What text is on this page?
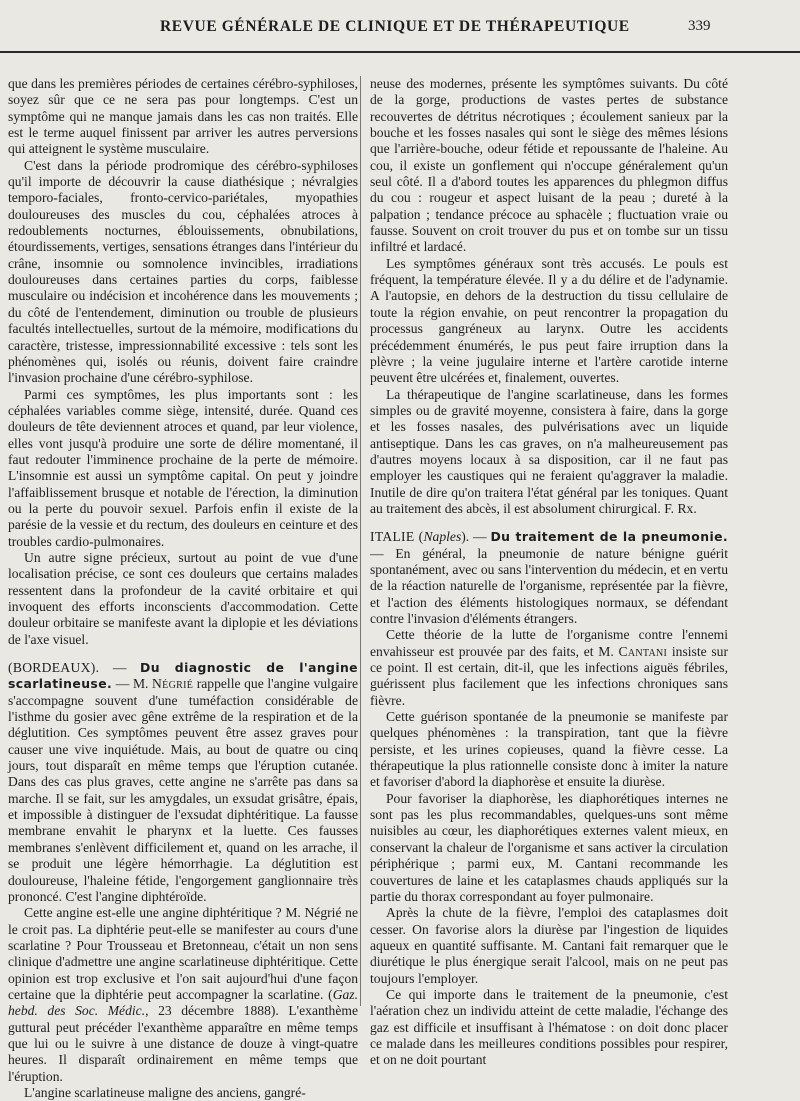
REVUE GÉNÉRALE DE CLINIQUE ET DE THÉRAPEUTIQUE	339

que dans les premières périodes de certaines cérébro-syphiloses, soyez sûr que ce ne sera pas pour longtemps. C'est un symptôme qui ne manque jamais dans les cas non traités. Elle est le terme auquel finissent par arriver les autres perversions qui atteignent le système musculaire.

C'est dans la période prodromique des cérébro-syphiloses qu'il importe de découvrir la cause diathésique ; névralgies temporo-faciales, fronto-cervico-pariétales, myopathies douloureuses des muscles du cou, céphalées atroces à redoublements nocturnes, éblouissements, obnubilations, étourdissements, vertiges, sensations étranges dans l'intérieur du crâne, insomnie ou somnolence invincibles, irradiations douloureuses dans certaines parties du corps, faiblesse musculaire ou indécision et incohérence dans les mouvements ; du côté de l'entendement, diminution ou trouble de plusieurs facultés intellectuelles, surtout de la mémoire, modifications du caractère, tristesse, impressionnabilité excessive : tels sont les phénomènes qui, isolés ou réunis, doivent faire craindre l'invasion prochaine d'une cérébro-syphilose.

Parmi ces symptômes, les plus importants sont : les céphalées variables comme siège, intensité, durée. Quand ces douleurs de tête deviennent atroces et quand, par leur violence, elles vont jusqu'à produire une sorte de délire momentané, il faut redouter l'imminence prochaine de la perte de mémoire. L'insomnie est aussi un symptôme capital. On peut y joindre l'affaiblissement brusque et notable de l'érection, la diminution ou la perte du pouvoir sexuel. Parfois enfin il existe de la parésie de la vessie et du rectum, des douleurs en ceinture et des troubles cardio-pulmonaires.

Un autre signe précieux, surtout au point de vue d'une localisation précise, ce sont ces douleurs que certains malades ressentent dans la profondeur de la cavité orbitaire et qui invoquent des efforts inconscients d'accommodation. Cette douleur orbitaire se manifeste avant la diplopie et les déviations de l'axe visuel.

(BORDEAUX). — Du diagnostic de l'angine scarlatineuse. — M. Négrié rappelle que l'angine vulgaire s'accompagne souvent d'une tuméfaction considérable de l'isthme du gosier avec gêne extrême de la respiration et de la déglutition. Ces symptômes peuvent être assez graves pour causer une vive inquiétude. Mais, au bout de quatre ou cinq jours, tout disparaît en même temps que l'éruption cutanée. Dans des cas plus graves, cette angine ne s'arrête pas dans sa marche. Il se fait, sur les amygdales, un exsudat grisâtre, épais, et impossible à distinguer de l'exsudat diphtéritique. La fausse membrane envahit le pharynx et la luette. Ces fausses membranes s'enlèvent difficilement et, quand on les arrache, il se produit une légère hémorrhagie. La déglutition est douloureuse, l'haleine fétide, l'engorgement ganglionnaire très prononcé. C'est l'angine diphtéroïde.

Cette angine est-elle une angine diphtéritique ? M. Négrié ne le croit pas. La diphtérie peut-elle se manifester au cours d'une scarlatine ? Pour Trousseau et Bretonneau, c'était un non sens clinique d'admettre une angine scarlatineuse diphtéritique. Cette opinion est trop exclusive et l'on sait aujourd'hui d'une façon certaine que la diphtérie peut accompagner la scarlatine. (Gaz. hebd. des Soc. Médic., 23 décembre 1888). L'exanthème guttural peut précéder l'exanthème apparaître en même temps que lui ou le suivre à une distance de douze à vingt-quatre heures. Il disparaît ordinairement en même temps que l'éruption.

L'angine scarlatineuse maligne des anciens, gangré-

neuse des modernes, présente les symptômes suivants. Du côté de la gorge, productions de vastes pertes de substance recouvertes de détritus nécrotiques ; écoulement sanieux par la bouche et les fosses nasales qui sont le siège des mêmes lésions que l'arrière-bouche, odeur fétide et repoussante de l'haleine. Au cou, il existe un gonflement qui n'occupe généralement qu'un seul côté. Il a d'abord toutes les apparences du phlegmon diffus du cou : rougeur et aspect luisant de la peau ; dureté à la palpation ; tendance précoce au sphacèle ; fluctuation vraie ou fausse. Souvent on croit trouver du pus et on tombe sur un tissu infiltré et lardacé.

Les symptômes généraux sont très accusés. Le pouls est fréquent, la température élevée. Il y a du délire et de l'adynamie. A l'autopsie, en dehors de la destruction du tissu cellulaire de toute la région envahie, on peut rencontrer la propagation du processus gangréneux au larynx. Outre les accidents précédemment énumérés, le pus peut faire irruption dans la plèvre ; la veine jugulaire interne et l'artère carotide interne peuvent être ulcérées et, finalement, ouvertes.

La thérapeutique de l'angine scarlatineuse, dans les formes simples ou de gravité moyenne, consistera à faire, dans la gorge et les fosses nasales, des pulvérisations avec un liquide antiseptique. Dans les cas graves, on n'a malheureusement pas d'autres moyens locaux à sa disposition, car il ne faut pas employer les caustiques qui ne feraient qu'aggraver la maladie. Inutile de dire qu'on traitera l'état général par les toniques. Quant au traitement des abcès, il est absolument chirurgical. F. Rx.

ITALIE (Naples). — Du traitement de la pneumonie. — En général, la pneumonie de nature bénigne guérit spontanément, avec ou sans l'intervention du médecin, et en vertu de la réaction naturelle de l'organisme, représentée par la fièvre, et l'action des éléments histologiques normaux, se défendant contre l'invasion d'éléments étrangers.

Cette théorie de la lutte de l'organisme contre l'ennemi envahisseur est prouvée par des faits, et M. Cantani insiste sur ce point. Il est certain, dit-il, que les infections aiguës fébriles, guérissent plus facilement que les infections chroniques sans fièvre.

Cette guérison spontanée de la pneumonie se manifeste par quelques phénomènes : la transpiration, tant que la fièvre persiste, et les urines copieuses, quand la fièvre cesse. La thérapeutique la plus rationnelle consiste donc à imiter la nature et favoriser d'abord la diaphorèse et ensuite la diurèse.

Pour favoriser la diaphorèse, les diaphorétiques internes ne sont pas les plus recommandables, quelques-uns sont même nuisibles au cœur, les diaphorétiques externes valent mieux, en conservant la chaleur de l'organisme et sans activer la circulation périphérique ; parmi eux, M. Cantani recommande les couvertures de laine et les cataplasmes chauds appliqués sur la partie du thorax correspondant au foyer pulmonaire.

Après la chute de la fièvre, l'emploi des cataplasmes doit cesser. On favorise alors la diurèse par l'ingestion de liquides aqueux en quantité suffisante. M. Cantani fait remarquer que le diurétique le plus énergique serait l'alcool, mais on ne peut pas toujours l'employer.

Ce qui importe dans le traitement de la pneumonie, c'est l'aération chez un individu atteint de cette maladie, l'échange des gaz est difficile et insuffisant à l'hématose : on doit donc placer ce malade dans les meilleures conditions possibles pour respirer, et on ne doit pourtant
